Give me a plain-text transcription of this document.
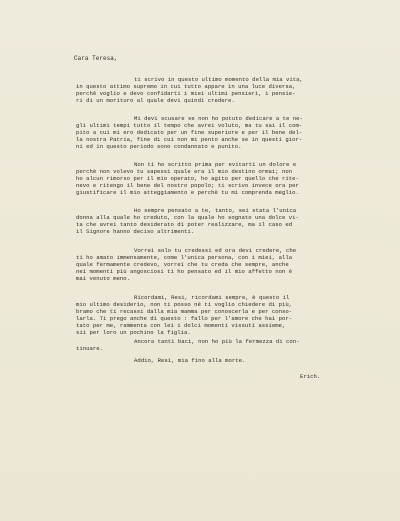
Cara Teresa,
ti scrivo in questo ultimo momento della mia vita,
in questo attimo supremo in cui tutto appare in una luce diversa,
perchè voglio e devo confidarti i miei ultimi pensieri, i pensie-
ri di un morituro al quale devi quindi credere.
Mi devi scusare se non ho potuto dedicare a te ne-
gli ultimi tempi tutto il tempo che avrei voluto, ma tu sai il com-
pito a cui mi ero dedicato per un fine superiore e per il bene del-
la nostra Patria, fine di cui non mi pento anche se in questi gior-
ni ed in questo periodo sono condannato e punito.
Non ti ho scritto prima per evitarti un dolore e
perchè non volevo tu sapessi quale era il mio destino ormai; non
ho alcun rimorso per il mio operato, ho agito per quello che rite-
nevo e ritengo il bene del nostro popolo; ti scrivo invece ora per
giustificare il mio atteggiamento e perchè tu mi comprenda meglio.
Ho sempre pensato a te, tanto, sei stata l'unica
donna alla quale ho creduto, con la quale ho sognato una dolce vi-
ta che avrei tanto desiderato di poter realizzare, ma il caso ed
il Signore hanno deciso altrimenti.
Vorrei solo tu credessi ed ora devi credere, che
ti ho amato immensamente, come l'unica persona, con i miei, alla
quale fermamente credevo, vorrei che tu creda che sempre, anche
nei momenti più angosciosi ti ho pensato ed il mio affetto non è
mai venuto meno.
Ricordami, Resi, ricordami sempre, è questo il
mio ultimo desiderio, non ti posso nè ti voglio chiedere di più,
bramo che ti recassi dalla mia mamma per conoscerla e per conso-
larla. Ti prego anche di questo : fallo per l'amore che hai por-
tato per me, rammenta con lei i dolci momenti vissuti assieme,
sii per loro un pochino la figlia.
Ancora tanti baci, non ho più la fermezza di con-
tinuare.
Addio, Resi, mia fino alla morte.
Erich.
